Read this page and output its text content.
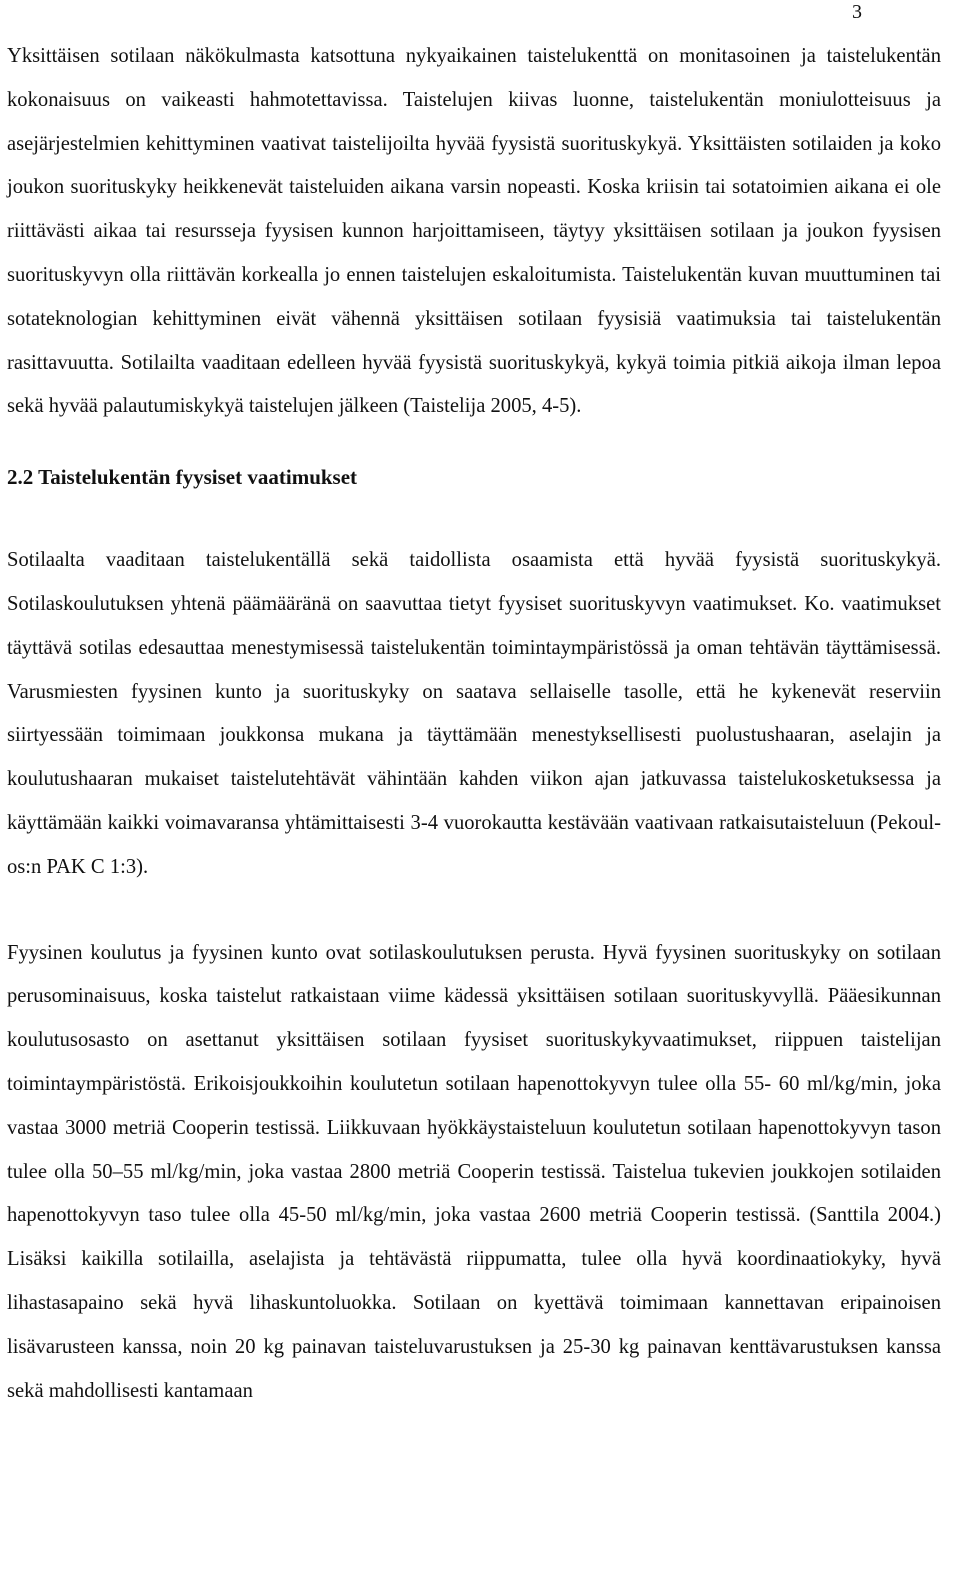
3

Yksittäisen sotilaan näkökulmasta katsottuna nykyaikainen taistelukenttä on monitasoinen ja taistelukentän kokonaisuus on vaikeasti hahmotettavissa. Taistelujen kiivas luonne, taistelukentän moniulotteisuus ja asejärjestelmien kehittyminen vaativat taistelijoilta hyvää fyysistä suorituskykyä. Yksittäisten sotilaiden ja koko joukon suorituskyky heikkenevät taisteluiden aikana varsin nopeasti. Koska kriisin tai sotatoimien aikana ei ole riittävästi aikaa tai resursseja fyysisen kunnon harjoittamiseen, täytyy yksittäisen sotilaan ja joukon fyysisen suorituskyvyn olla riittävän korkealla jo ennen taistelujen eskaloitumista. Taistelukentän kuvan muuttuminen tai sotateknologian kehittyminen eivät vähennä yksittäisen sotilaan fyysisiä vaatimuksia tai taistelukentän rasittavuutta. Sotilailta vaaditaan edelleen hyvää fyysistä suorituskykyä, kykyä toimia pitkiä aikoja ilman lepoa sekä hyvää palautumiskykyä taistelujen jälkeen (Taistelija 2005, 4-5).

2.2 Taistelukentän fyysiset vaatimukset

Sotilaalta vaaditaan taistelukentällä sekä taidollista osaamista että hyvää fyysistä suorituskykyä. Sotilaskoulutuksen yhtenä päämääränä on saavuttaa tietyt fyysiset suorituskyvyn vaatimukset. Ko. vaatimukset täyttävä sotilas edesauttaa menestymisessä taistelukentän toimintaympäristössä ja oman tehtävän täyttämisessä. Varusmiesten fyysinen kunto ja suorituskyky on saatava sellaiselle tasolle, että he kykenevät reserviin siirtyessään toimimaan joukkonsa mukana ja täyttämään menestyksellisesti puolustushaaran, aselajin ja koulutushaaran mukaiset taistelutehtävät vähintään kahden viikon ajan jatkuvassa taistelukosketuksessa ja käyttämään kaikki voimavaransa yhtämittaisesti 3-4 vuorokautta kestävään vaativaan ratkaisutaisteluun (Pekoul-os:n PAK C 1:3).

Fyysinen koulutus ja fyysinen kunto ovat sotilaskoulutuksen perusta. Hyvä fyysinen suorituskyky on sotilaan perusominaisuus, koska taistelut ratkaistaan viime kädessä yksittäisen sotilaan suorituskyvyllä. Pääesikunnan koulutusosasto on asettanut yksittäisen sotilaan fyysiset suorituskykyvaatimukset, riippuen taistelijan toimintaympäristöstä. Erikoisjoukkoihin koulutetun sotilaan hapenottokyvyn tulee olla 55- 60 ml/kg/min, joka vastaa 3000 metriä Cooperin testissä. Liikkuvaan hyökkäystaisteluun koulutetun sotilaan hapenottokyvyn tason tulee olla 50–55 ml/kg/min, joka vastaa 2800 metriä Cooperin testissä. Taistelua tukevien joukkojen sotilaiden hapenottokyvyn taso tulee olla 45-50 ml/kg/min, joka vastaa 2600 metriä Cooperin testissä. (Santtila 2004.) Lisäksi kaikilla sotilailla, aselajista ja tehtävästä riippumatta, tulee olla hyvä koordinaatiokyky, hyvä lihastasapaino sekä hyvä lihaskuntoluokka. Sotilaan on kyettävä toimimaan kannettavan eripainoisen lisävarusteen kanssa, noin 20 kg painavan taisteluvarustuksen ja 25-30 kg painavan kenttävarustuksen kanssa sekä mahdollisesti kantamaan
